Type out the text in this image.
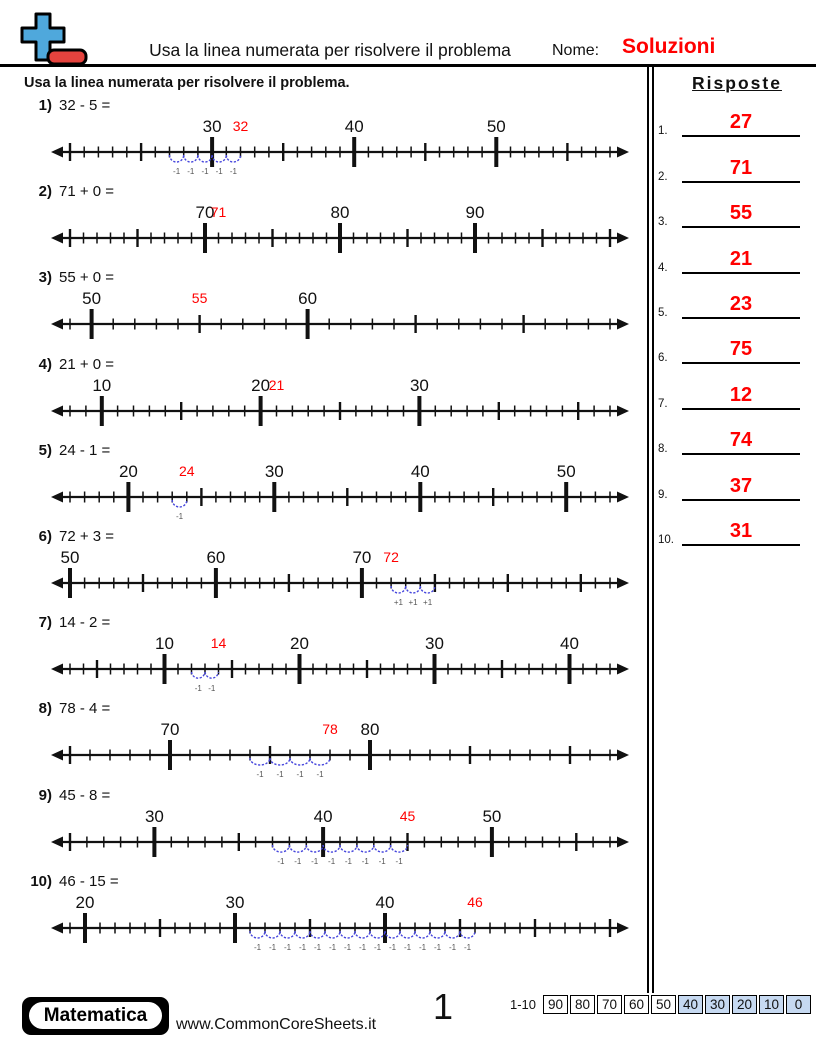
Usa la linea numerata per risolvere il problema	Nome: Soluzioni
Usa la linea numerata per risolvere il problema.
1) 32 - 5 =
30	40	50
32
-1 -1 -1 -1 -1
2) 71 + 0 =
70	80	90
71
3) 55 + 0 =
50	60
55
4) 21 + 0 =
10	20	30
21
5) 24 - 1 =
20	30	40	50
24
-1
6) 72 + 3 =
50	60	70 72
+1 +1 +1
7) 14 - 2 =
10	20	30	40
14
-1 -1
8) 78 - 4 =
70	80
78
-1 -1 -1 -1
9) 45 - 8 =
30	40	50
45
-1 -1 -1 -1 -1 -1 -1 -1
10) 46 - 15 =
20	30	40	46
-1 -1 -1 -1 -1 -1 -1 -1 -1 -1 -1 -1 -1 -1 -1
Risposte
1.	27
2.	71
3.	55
4.	21
5.	23
6.	75
7.	12
8.	74
9.	37
10.	31
Matematica	www.CommonCoreSheets.it	1	1-10 90 80 70 60 50 40 30 20 10	0
